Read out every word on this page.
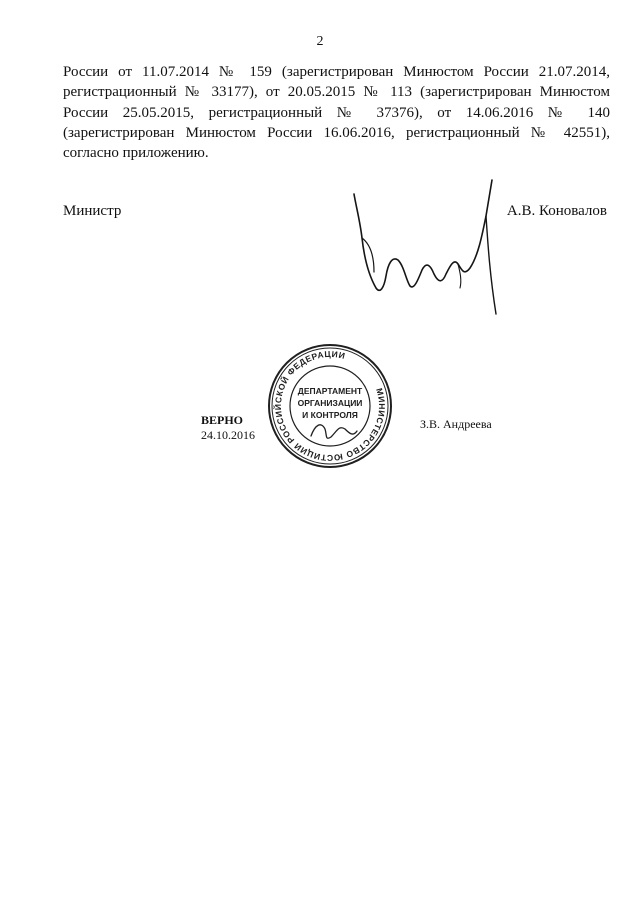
2

России от 11.07.2014 № 159 (зарегистрирован Минюстом России 21.07.2014, регистрационный № 33177), от 20.05.2015 № 113 (зарегистрирован Минюстом России 25.05.2015, регистрационный № 37376), от 14.06.2016 № 140 (зарегистрирован Минюстом России 16.06.2016, регистрационный № 42551), согласно приложению.

Министр	А.В. Коновалов
ВЕРНО
24.10.2016
З.В. Андреева
МИНИСТЕРСТВО ЮСТИЦИИ РОССИЙСКОЙ ФЕДЕРАЦИИ
ДЕПАРТАМЕНТ
ОРГАНИЗАЦИИ
И КОНТРОЛЯ
